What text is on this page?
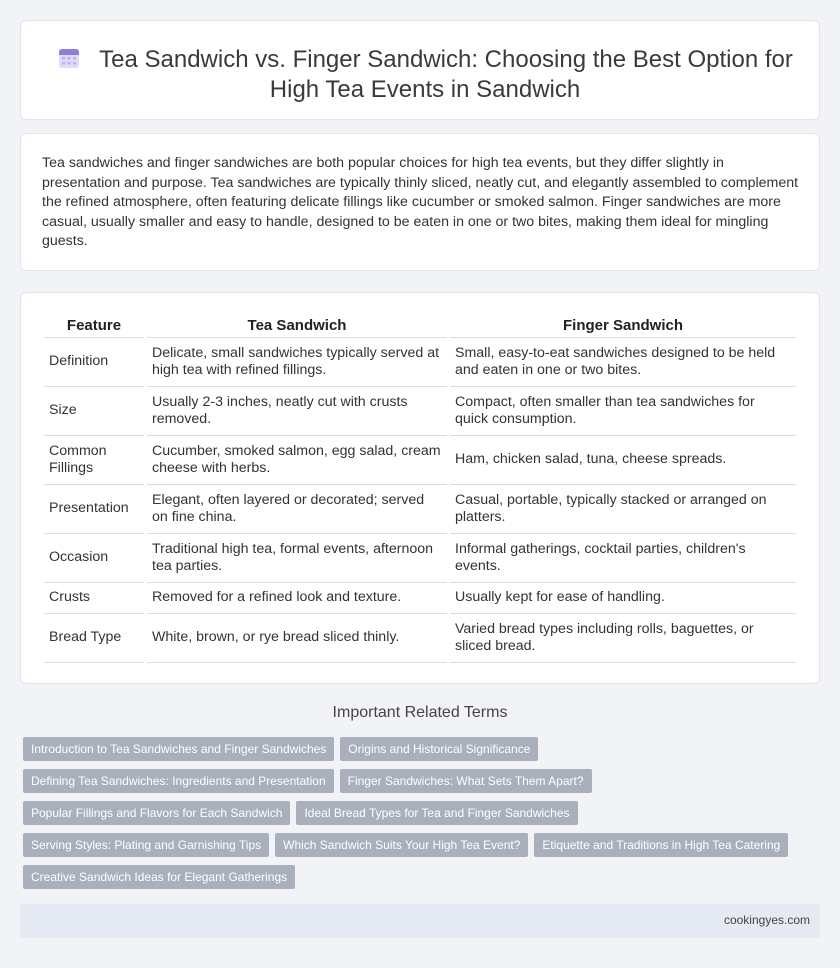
Tea Sandwich vs. Finger Sandwich: Choosing the Best Option for High Tea Events in Sandwich

Tea sandwiches and finger sandwiches are both popular choices for high tea events, but they differ slightly in presentation and purpose. Tea sandwiches are typically thinly sliced, neatly cut, and elegantly assembled to complement the refined atmosphere, often featuring delicate fillings like cucumber or smoked salmon. Finger sandwiches are more casual, usually smaller and easy to handle, designed to be eaten in one or two bites, making them ideal for mingling guests.

Feature	Tea Sandwich	Finger Sandwich
Definition	Delicate, small sandwiches typically served at high tea with refined fillings.	Small, easy-to-eat sandwiches designed to be held and eaten in one or two bites.
Size	Usually 2-3 inches, neatly cut with crusts removed.	Compact, often smaller than tea sandwiches for quick consumption.
Common Fillings	Cucumber, smoked salmon, egg salad, cream cheese with herbs.	Ham, chicken salad, tuna, cheese spreads.
Presentation	Elegant, often layered or decorated; served on fine china.	Casual, portable, typically stacked or arranged on platters.
Occasion	Traditional high tea, formal events, afternoon tea parties.	Informal gatherings, cocktail parties, children's events.
Crusts	Removed for a refined look and texture.	Usually kept for ease of handling.
Bread Type	White, brown, or rye bread sliced thinly.	Varied bread types including rolls, baguettes, or sliced bread.
Important Related Terms
Introduction to Tea Sandwiches and Finger Sandwiches Origins and Historical Significance
Defining Tea Sandwiches: Ingredients and Presentation Finger Sandwiches: What Sets Them Apart?
Popular Fillings and Flavors for Each Sandwich Ideal Bread Types for Tea and Finger Sandwiches
Serving Styles: Plating and Garnishing Tips Which Sandwich Suits Your High Tea Event? Etiquette and Traditions in High Tea Catering
Creative Sandwich Ideas for Elegant Gatherings
cookingyes.com
